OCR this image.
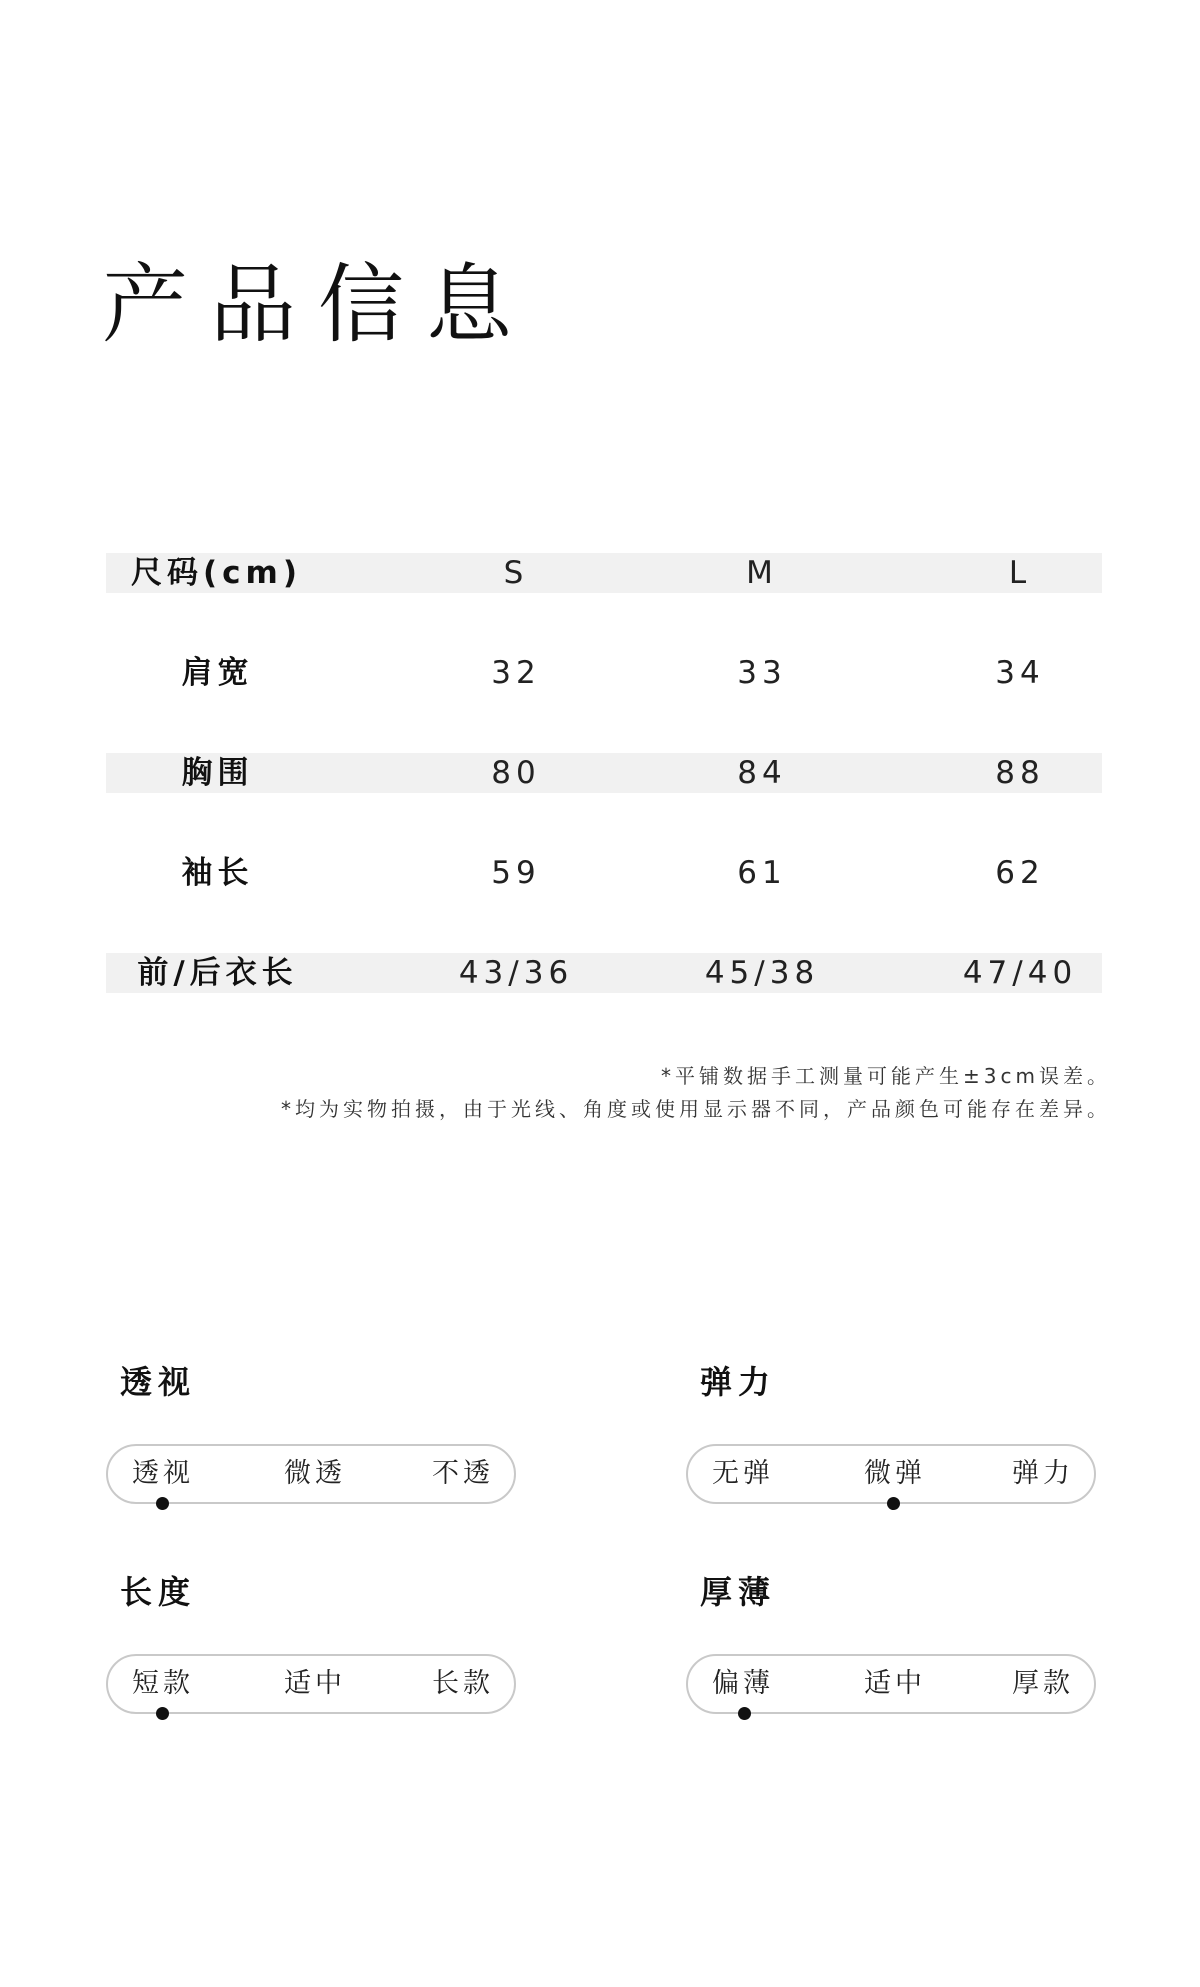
产品信息
尺码(cm)	S	M	L
肩宽	32	33	34
胸围	80	84	88
袖长	59	61	62
前/后衣长	43/36	45/38	47/40
*平铺数据手工测量可能产生±3cm误差。
*均为实物拍摄，由于光线、角度或使用显示器不同，产品颜色可能存在差异。
透视
透视	微透	不透
弹力
无弹	微弹	弹力
长度
短款	适中	长款
厚薄
偏薄	适中	厚款
